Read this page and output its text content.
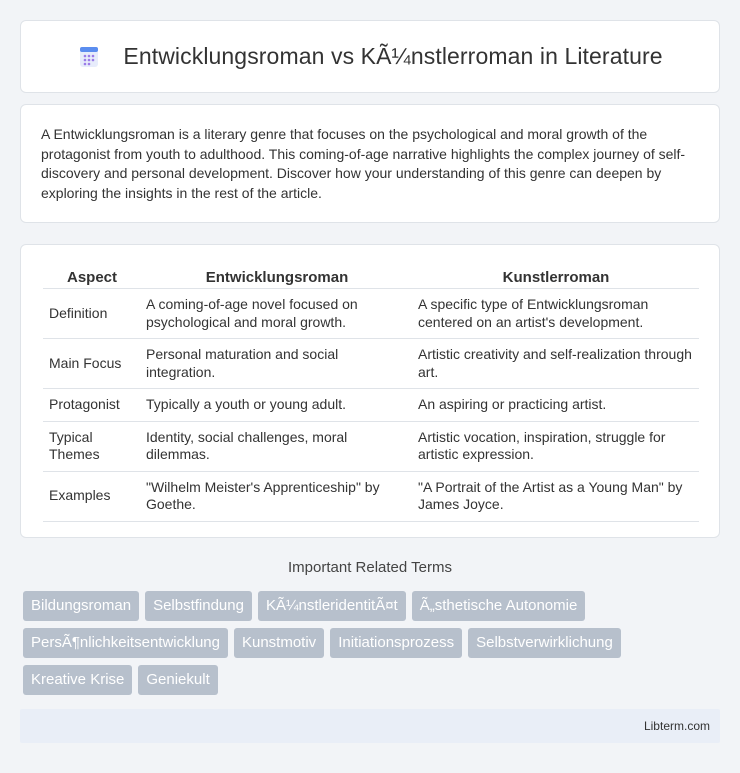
Entwicklungsroman vs KÃ¼nstlerroman in Literature

A Entwicklungsroman is a literary genre that focuses on the psychological and moral growth of the protagonist from youth to adulthood. This coming-of-age narrative highlights the complex journey of self-discovery and personal development. Discover how your understanding of this genre can deepen by exploring the insights in the rest of the article.

Aspect	Entwicklungsroman	Kunstlerroman
Definition	A coming-of-age novel focused on psychological and moral growth.	A specific type of Entwicklungsroman centered on an artist's development.
Main Focus	Personal maturation and social integration.	Artistic creativity and self-realization through art.
Protagonist	Typically a youth or young adult.	An aspiring or practicing artist.
Typical Themes	Identity, social challenges, moral dilemmas.	Artistic vocation, inspiration, struggle for artistic expression.
Examples	"Wilhelm Meister's Apprenticeship" by Goethe.	"A Portrait of the Artist as a Young Man" by James Joyce.
Important Related Terms
Bildungsroman	Selbstfindung	KÃ¼nstleridentitÃ¤t	Ã„sthetische Autonomie
PersÃ¶nlichkeitsentwicklung	Kunstmotiv	Initiationsprozess	Selbstverwirklichung
Kreative Krise	Geniekult
Libterm.com
